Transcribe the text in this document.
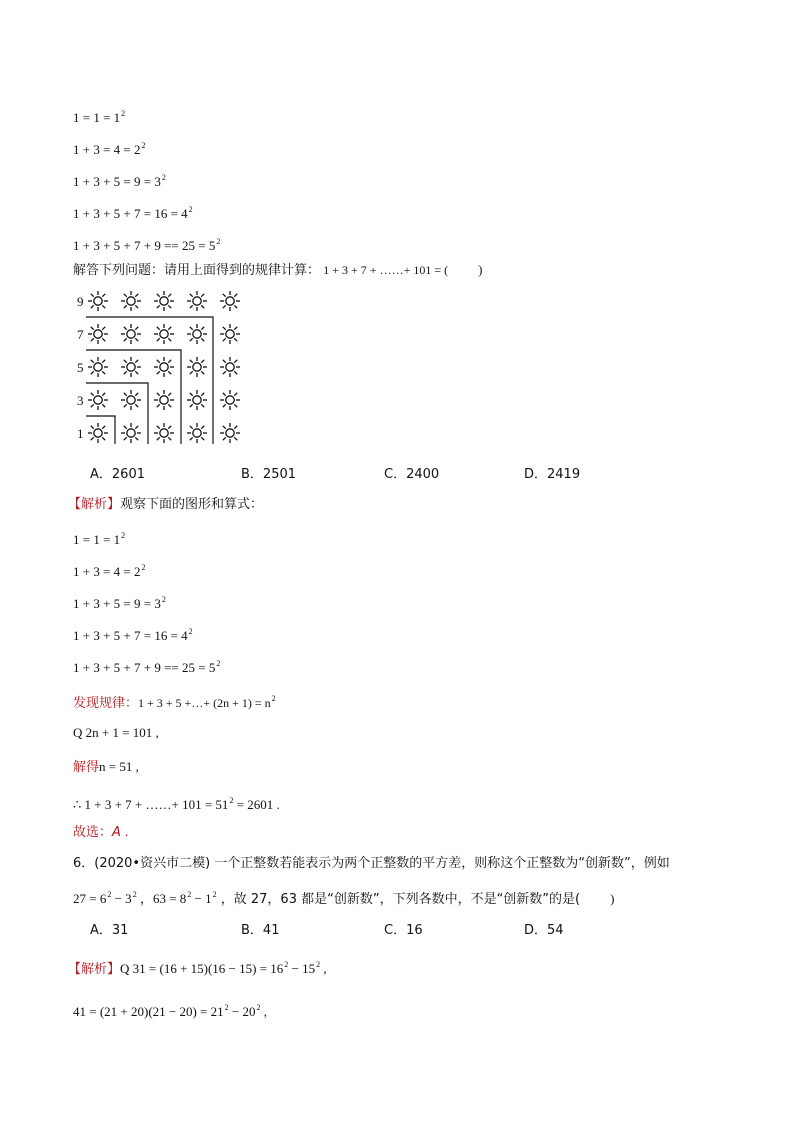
$1 = 1 = 1^2$
$1 + 3 = 4 = 2^2$
$1 + 3 + 5 = 9 = 3^2$
$1 + 3 + 5 + 7 = 16 = 4^2$
$1 + 3 + 5 + 7 + 9 == 25 = 5^2$
解答下列问题：请用上面得到的规律计算： 1 + 3 + 7 + ……+ 101 = ( )
9
7
5
3
1
A．2601	B．2501	C．2400	D．2419
【解析】观察下面的图形和算式：
$1 = 1 = 1^2$
$1 + 3 = 4 = 2^2$
$1 + 3 + 5 = 9 = 3^2$
$1 + 3 + 5 + 7 = 16 = 4^2$
$1 + 3 + 5 + 7 + 9 == 25 = 5^2$
发现规律：1 + 3 + 5 +…+ $(2n + 1) = n^2$
Q 2n + 1 = 101 ,
解得n = 51 ,
∴ 1 + 3 + 7 + ……+ $101 = 51^2 = 2601$ .
故选：A .
6．(2020•资兴市二模) 一个正整数若能表示为两个正整数的平方差，则称这个正整数为“创新数”，例如
$27 = 6^2 - 3^2$ ，$63 = 8^2 - 1^2$ ，故 27，63 都是“创新数”，下列各数中，不是“创新数”的是( )
A．31	B．41	C．16	D．54
【解析】Q $31 = (16 + 15)(16 - 15) = 16^2 - 15^2$ ,
$41 = (21 + 20)(21 - 20) = 21^2 - 20^2$ ,
